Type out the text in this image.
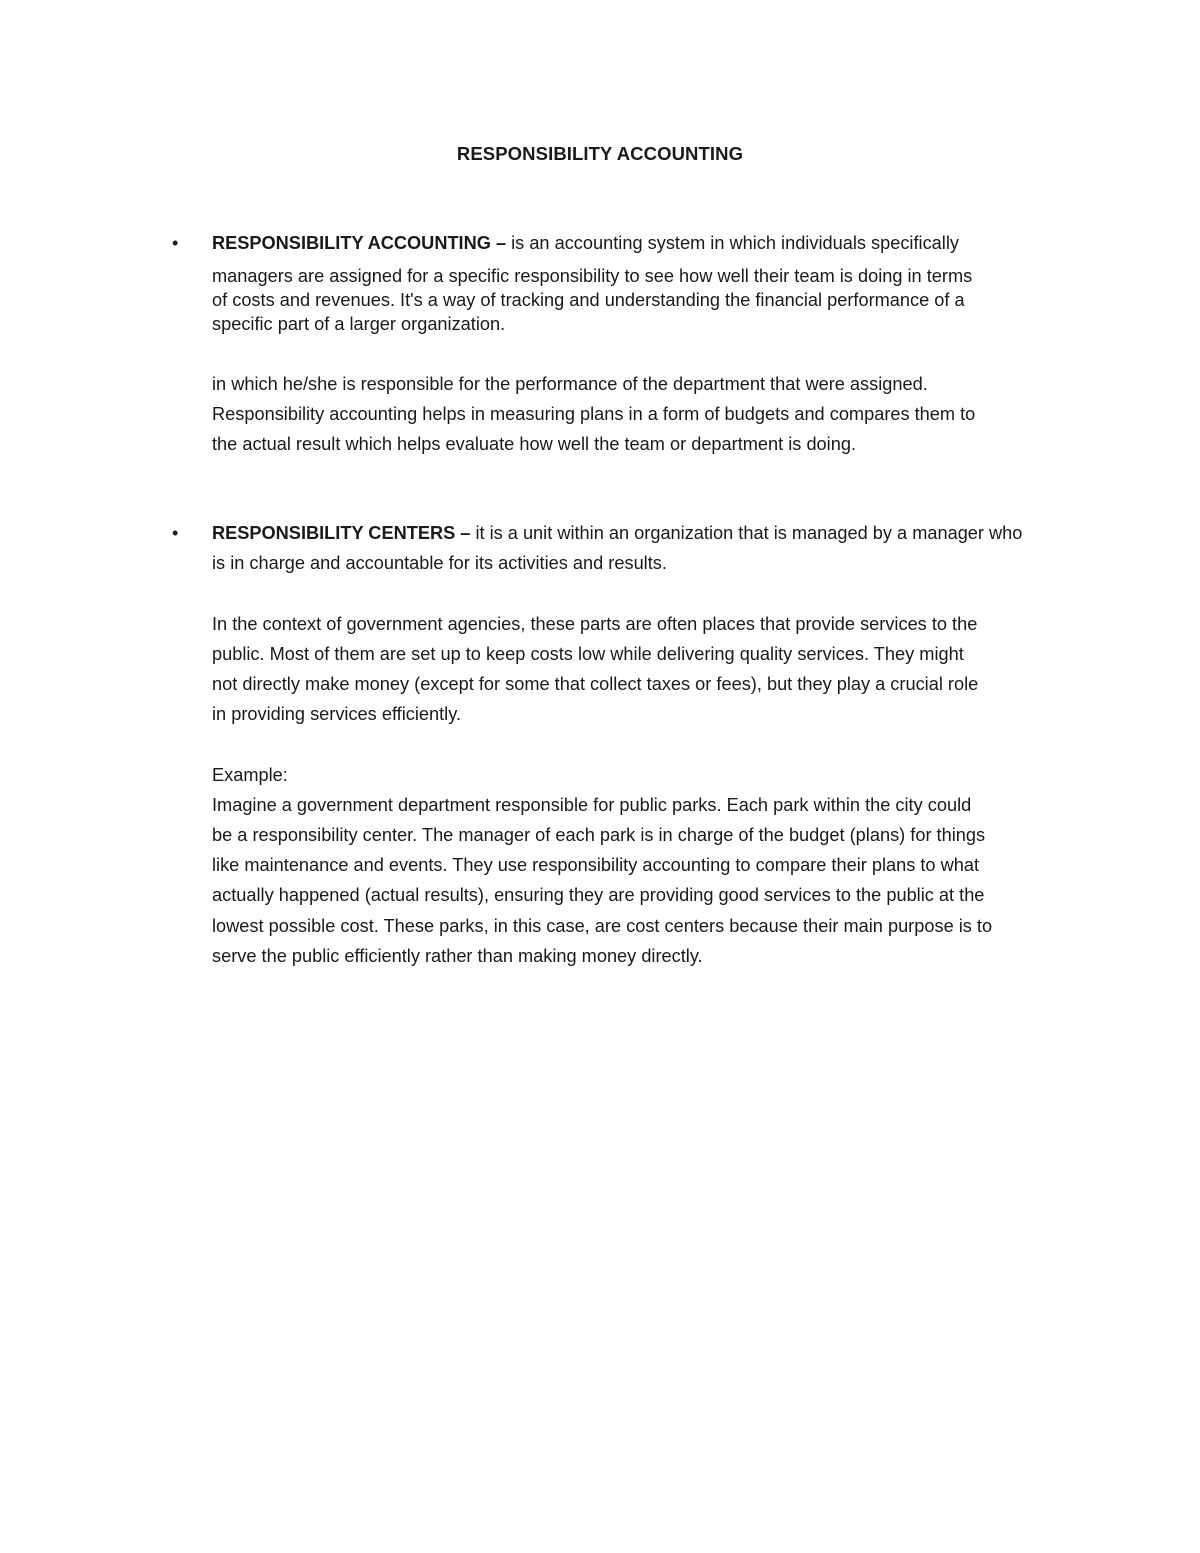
RESPONSIBILITY ACCOUNTING
• RESPONSIBILITY ACCOUNTING – is an accounting system in which individuals specifically
managers are assigned for a specific responsibility to see how well their team is doing in terms
of costs and revenues. It's a way of tracking and understanding the financial performance of a
specific part of a larger organization.
in which he/she is responsible for the performance of the department that were assigned.
Responsibility accounting helps in measuring plans in a form of budgets and compares them to
the actual result which helps evaluate how well the team or department is doing.
• RESPONSIBILITY CENTERS – it is a unit within an organization that is managed by a manager who
is in charge and accountable for its activities and results.
In the context of government agencies, these parts are often places that provide services to the
public. Most of them are set up to keep costs low while delivering quality services. They might
not directly make money (except for some that collect taxes or fees), but they play a crucial role
in providing services efficiently.
Example:
Imagine a government department responsible for public parks. Each park within the city could
be a responsibility center. The manager of each park is in charge of the budget (plans) for things
like maintenance and events. They use responsibility accounting to compare their plans to what
actually happened (actual results), ensuring they are providing good services to the public at the
lowest possible cost. These parks, in this case, are cost centers because their main purpose is to
serve the public efficiently rather than making money directly.
